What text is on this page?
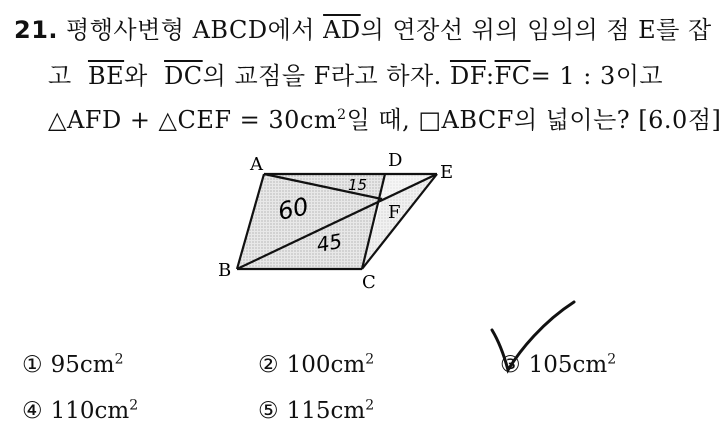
21. 평행사변형 ABCD에서 $\overline{AD}$의 연장선 위의 임의의 점 E를 잡
고 $\overline{BE}$와 $\overline{DC}$의 교점을 F라고 하자. $\overline{DF}:\overline{FC}= 1$ : 3이고
△AFD + △CEF = $30cm^2$일 때, □ABCF의 넓이는? [6.0점]
A	D
E
F
B
C
60
45
15
① $95cm^2$	② $100cm^2$	③ $105cm^2$
④ $110cm^2$	⑤ $115cm^2$
